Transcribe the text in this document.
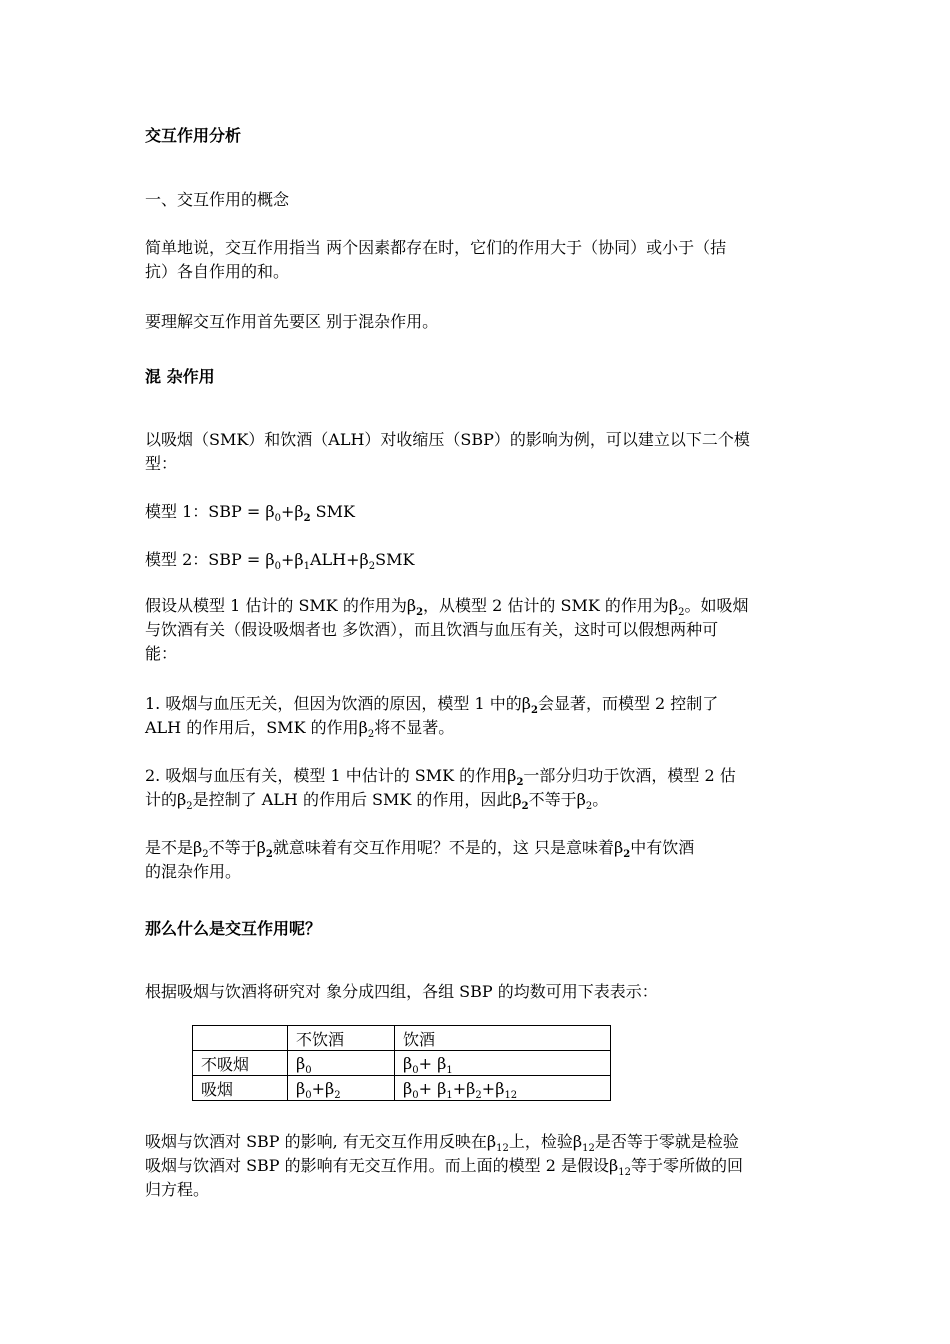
交互作用分析
一、交互作用的概念
简单地说，交互作用指当 两个因素都存在时，它们的作用大于（协同）或小于（拮
抗）各自作用的和。
要理解交互作用首先要区 别于混杂作用。
混 杂作用
以吸烟（SMK）和饮酒（ALH）对收缩压（SBP）的影响为例，可以建立以下二个模
型：
模型 1：SBP = $\beta_0+\beta_2$ SMK
模型 2：SBP = $\beta_0+\beta_1ALH+\beta_2SMK$
假设从模型 1 估计的 SMK 的作用为$\beta_2$，从模型 2 估计的 SMK 的作用为$\beta_2$。如吸烟
与饮酒有关（假设吸烟者也 多饮酒），而且饮酒与血压有关，这时可以假想两种可
能：
1. 吸烟与血压无关，但因为饮酒的原因，模型 1 中的$\beta_2$会显著，而模型 2 控制了
ALH 的作用后，SMK 的作用$\beta_2$将不显著。
2. 吸烟与血压有关，模型 1 中估计的 SMK 的作用$\beta_2$一部分归功于饮酒，模型 2 估
计的$\beta_2$是控制了 ALH 的作用后 SMK 的作用，因此$\beta_2$不等于$\beta_2$。
是不是$\beta_2$不等于$\beta_2$就意味着有交互作用呢？不是的，这 只是意味着$\beta_2$中有饮酒
的混杂作用。
那么什么是交互作用呢？
根据吸烟与饮酒将研究对 象分成四组，各组 SBP 的均数可用下表表示：
	不饮酒	饮酒
不吸烟	$\beta_0$	$\beta_0+ \beta_1$
吸烟	$\beta_0+\beta_2$	$\beta_0+ \beta_1+\beta_2+\beta_{12}$
吸烟与饮酒对 SBP 的影响, 有无交互作用反映在$\beta_{12}$上，检验$\beta_{12}$是否等于零就是检验
吸烟与饮酒对 SBP 的影响有无交互作用。而上面的模型 2 是假设$\beta_{12}$等于零所做的回
归方程。
